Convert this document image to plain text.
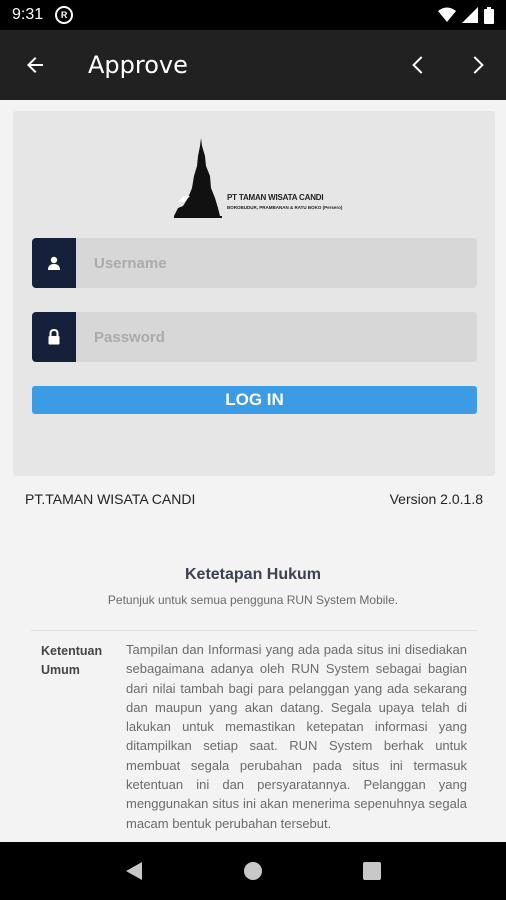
9:31	R
Approve
PT TAMAN WISATA CANDI
BOROBUDUR, PRAMBANAN & RATU BOKO (Persero)
Username
LOG IN
PT.TAMAN WISATA CANDI	Version 2.0.1.8
Ketetapan Hukum
Petunjuk untuk semua pengguna RUN System Mobile.
Ketentuan Umum
Tampilan dan Informasi yang ada pada situs ini disediakan sebagaimana adanya oleh RUN System sebagai bagian dari nilai tambah bagi para pelanggan yang ada sekarang dan maupun yang akan datang. Segala upaya telah di lakukan untuk memastikan ketepatan informasi yang ditampilkan setiap saat. RUN System berhak untuk membuat segala perubahan pada situs ini termasuk ketentuan ini dan persyaratannya. Pelanggan yang menggunakan situs ini akan menerima sepenuhnya segala macam bentuk perubahan tersebut.
